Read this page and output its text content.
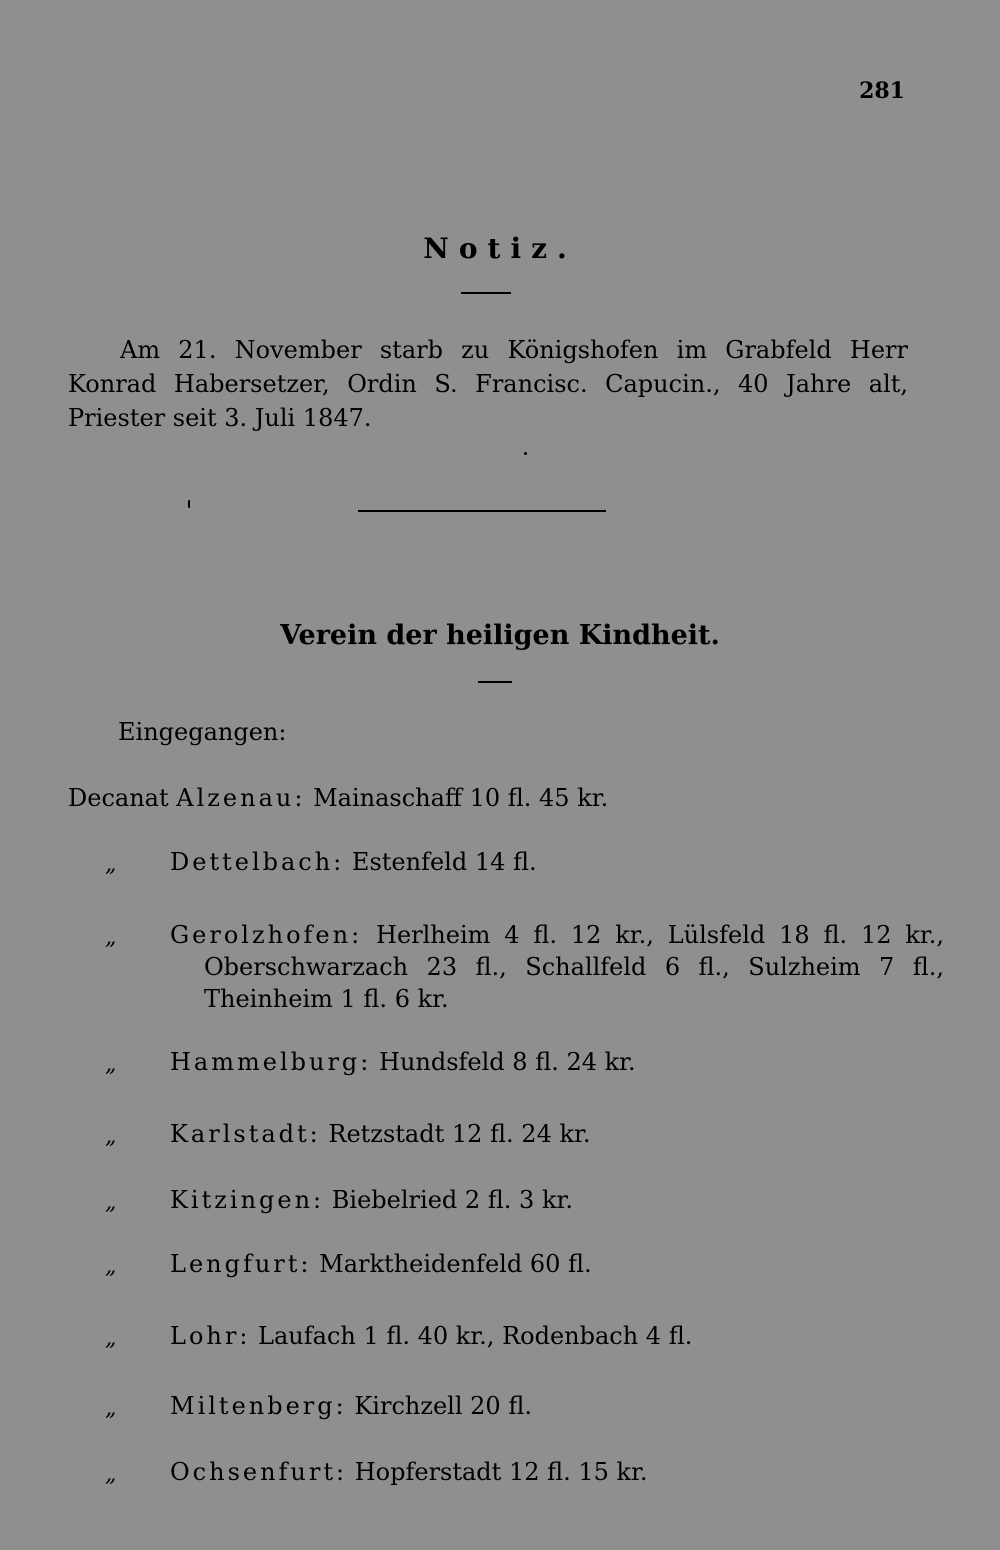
281
Notiz.
Am 21. November starb zu Königshofen im Grabfeld Herr Konrad Habersetzer, Ordin S. Francisc. Capucin., 40 Jahre alt, Priester seit 3. Juli 1847.
Verein der heiligen Kindheit.
Eingegangen:
Decanat Alzenau: Mainaschaff 10 fl. 45 kr.
„ Dettelbach: Estenfeld 14 fl.
„ Gerolzhofen: Herlheim 4 fl. 12 kr., Lülsfeld 18 fl. 12 kr., Oberschwarzach 23 fl., Schallfeld 6 fl., Sulzheim 7 fl., Theinheim 1 fl. 6 kr.
„ Hammelburg: Hundsfeld 8 fl. 24 kr.
„ Karlstadt: Retzstadt 12 fl. 24 kr.
„ Kitzingen: Biebelried 2 fl. 3 kr.
„ Lengfurt: Marktheidenfeld 60 fl.
„ Lohr: Laufach 1 fl. 40 kr., Rodenbach 4 fl.
„ Miltenberg: Kirchzell 20 fl.
„ Ochsenfurt: Hopferstadt 12 fl. 15 kr.
